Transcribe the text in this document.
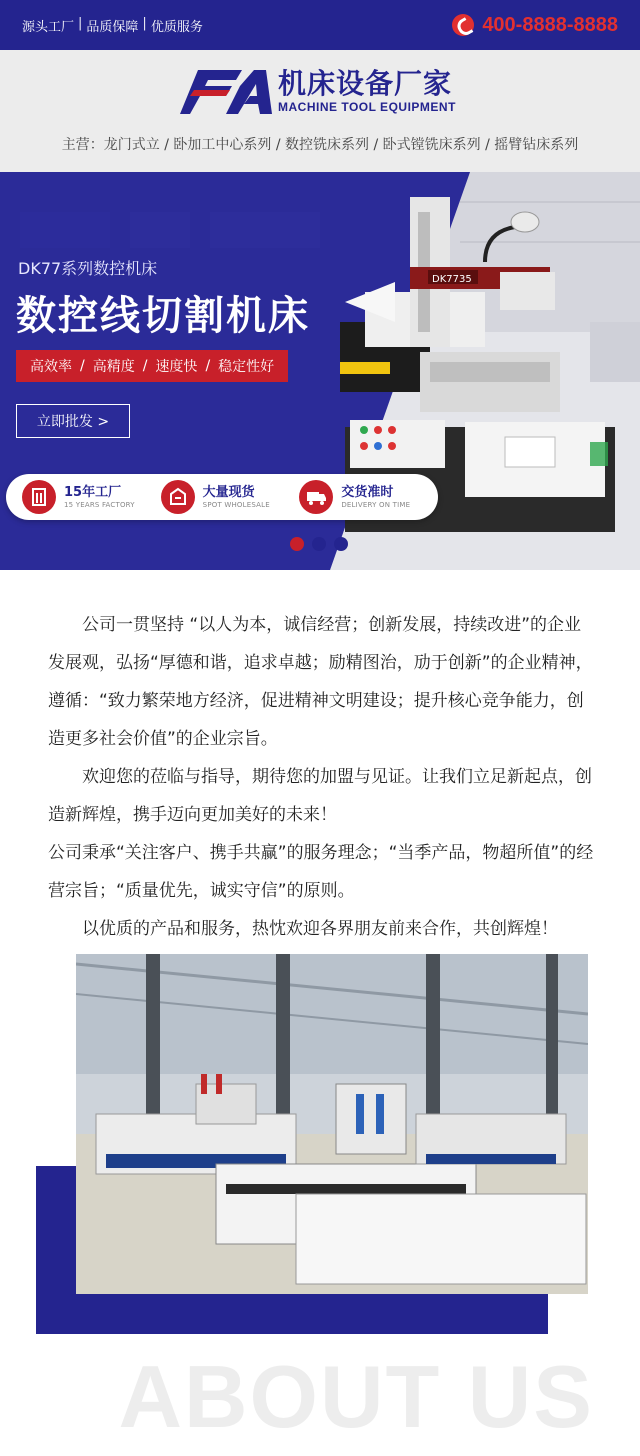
源头工厂 | 品质保障 | 优质服务	400-8888-8888
机床设备厂家
MACHINE TOOL EQUIPMENT
主营：龙门式立 / 卧加工中心系列 / 数控铣床系列 / 卧式镗铣床系列 / 摇臂钻床系列
DK7735
DK77系列数控机床
数控线切割机床
高效率 / 高精度 / 速度快 / 稳定性好
立即批发 >
15年工厂
15 YEARS FACTORY
大量现货
SPOT WHOLESALE
交货准时
DELIVERY ON TIME

公司一贯坚持 “以人为本，诚信经营；创新发展，持续改进”的企业发展观，弘扬“厚德和谐，追求卓越；励精图治，劢于创新”的企业精神，遵循：“致力繁荣地方经济，促进精神文明建设；提升核心竞争能力，创造更多社会价值”的企业宗旨。

欢迎您的莅临与指导，期待您的加盟与见证。让我们立足新起点，创造新辉煌，携手迈向更加美好的未来！

公司秉承“关注客户、携手共赢”的服务理念；“当季产品，物超所值”的经营宗旨；“质量优先，诚实守信”的原则。

以优质的产品和服务，热忱欢迎各界朋友前来合作，共创辉煌！

ABOUT US
